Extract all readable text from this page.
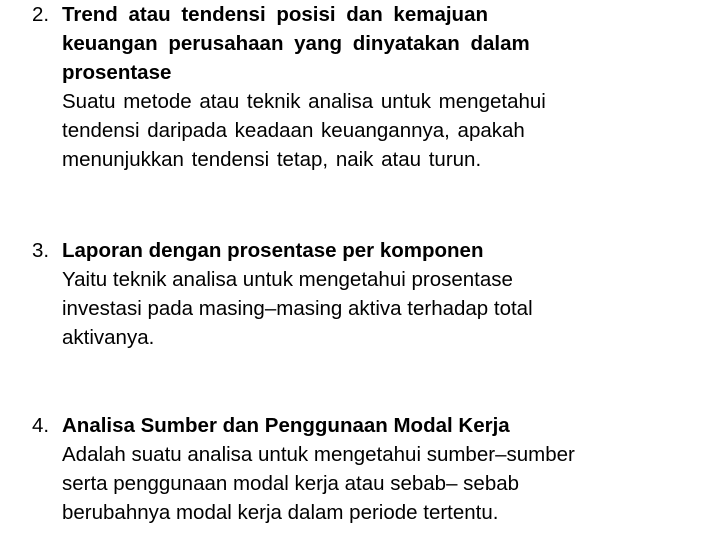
2. Trend atau tendensi posisi dan kemajuan
keuangan perusahaan yang dinyatakan dalam
prosentase
Suatu metode atau teknik analisa untuk mengetahui
tendensi daripada keadaan keuangannya, apakah
menunjukkan tendensi tetap, naik atau turun.
3. Laporan dengan prosentase per komponen
Yaitu teknik analisa untuk mengetahui prosentase
investasi pada masing–masing aktiva terhadap total
aktivanya.
4. Analisa Sumber dan Penggunaan Modal Kerja
Adalah suatu analisa untuk mengetahui sumber–sumber
serta penggunaan modal kerja atau sebab– sebab
berubahnya modal kerja dalam periode tertentu.
